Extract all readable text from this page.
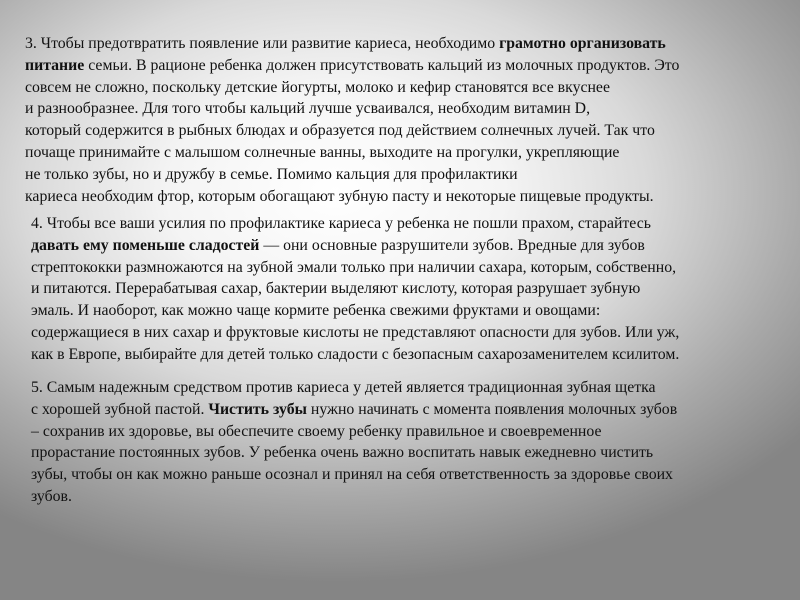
3. Чтобы предотвратить появление или развитие кариеса, необходимо грамотно организовать
питание семьи. В рационе ребенка должен присутствовать кальций из молочных продуктов. Это
совсем не сложно, поскольку детские йогурты, молоко и кефир становятся все вкуснее
и разнообразнее. Для того чтобы кальций лучше усваивался, необходим витамин D,
который содержится в рыбных блюдах и образуется под действием солнечных лучей. Так что
почаще принимайте с малышом солнечные ванны, выходите на прогулки, укрепляющие
не только зубы, но и дружбу в семье. Помимо кальция для профилактики
кариеса необходим фтор, которым обогащают зубную пасту и некоторые пищевые продукты.
4. Чтобы все ваши усилия по профилактике кариеса у ребенка не пошли прахом, старайтесь
давать ему поменьше сладостей — они основные разрушители зубов. Вредные для зубов
стрептококки размножаются на зубной эмали только при наличии сахара, которым, собственно,
и питаются. Перерабатывая сахар, бактерии выделяют кислоту, которая разрушает зубную
эмаль. И наоборот, как можно чаще кормите ребенка свежими фруктами и овощами:
содержащиеся в них сахар и фруктовые кислоты не представляют опасности для зубов. Или уж,
как в Европе, выбирайте для детей только сладости с безопасным сахарозаменителем ксилитом.
5. Самым надежным средством против кариеса у детей является традиционная зубная щетка
с хорошей зубной пастой. Чистить зубы нужно начинать с момента появления молочных зубов
– сохранив их здоровье, вы обеспечите своему ребенку правильное и своевременное
прорастание постоянных зубов. У ребенка очень важно воспитать навык ежедневно чистить
зубы, чтобы он как можно раньше осознал и принял на себя ответственность за здоровье своих
зубов.
